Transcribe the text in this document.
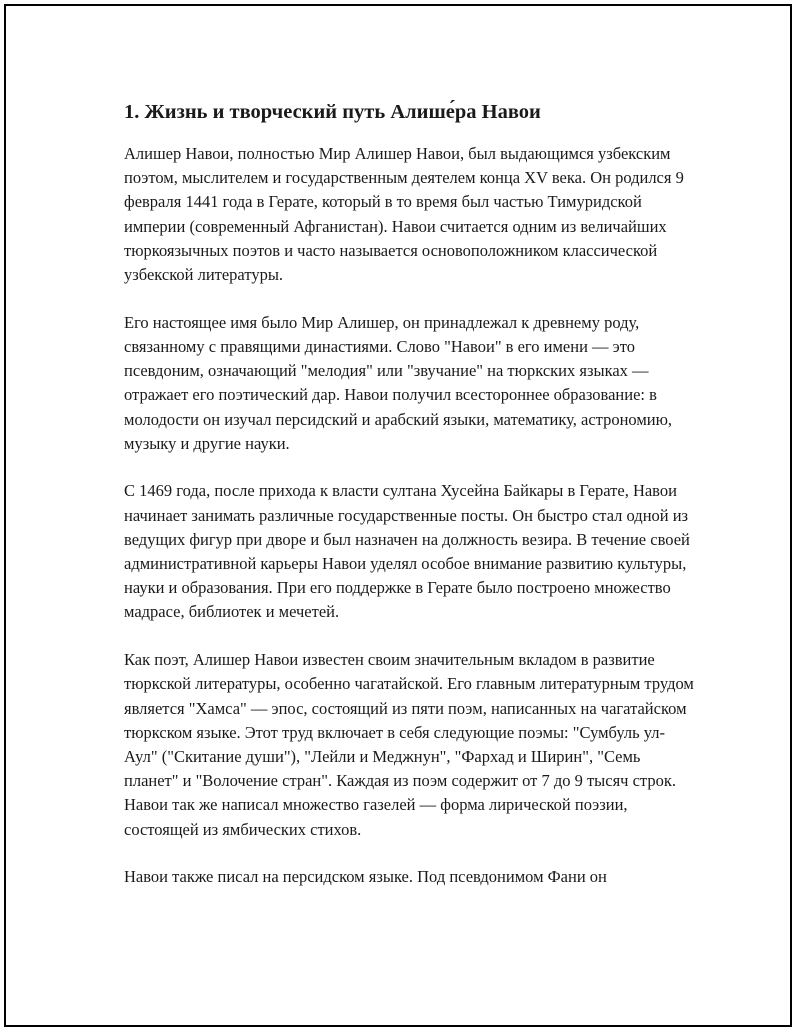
1. Жизнь и творческий путь Алише́ра Навои

Алишер Навои, полностью Мир Алишер Навои, был выдающимся узбекским поэтом, мыслителем и государственным деятелем конца XV века. Он родился 9 февраля 1441 года в Герате, который в то время был частью Тимуридской империи (современный Афганистан). Навои считается одним из величайших тюркоязычных поэтов и часто называется основоположником классической узбекской литературы.

Его настоящее имя было Мир Алишер, он принадлежал к древнему роду, связанному с правящими династиями. Слово "Навои" в его имени — это псевдоним, означающий "мелодия" или "звучание" на тюркских языках — отражает его поэтический дар. Навои получил всестороннее образование: в молодости он изучал персидский и арабский языки, математику, астрономию, музыку и другие науки.

С 1469 года, после прихода к власти султана Хусейна Байкары в Герате, Навои начинает занимать различные государственные посты. Он быстро стал одной из ведущих фигур при дворе и был назначен на должность везира. В течение своей административной карьеры Навои уделял особое внимание развитию культуры, науки и образования. При его поддержке в Герате было построено множество мадрасе, библиотек и мечетей.

Как поэт, Алишер Навои известен своим значительным вкладом в развитие тюркской литературы, особенно чагатайской. Его главным литературным трудом является "Хамса" — эпос, состоящий из пяти поэм, написанных на чагатайском тюркском языке. Этот труд включает в себя следующие поэмы: "Сумбуль ул-Аул" ("Скитание души"), "Лейли и Меджнун", "Фархад и Ширин", "Семь планет" и "Волочение стран". Каждая из поэм содержит от 7 до 9 тысяч строк. Навои так же написал множество газелей — форма лирической поэзии, состоящей из ямбических стихов.

Навои также писал на персидском языке. Под псевдонимом Фани он
